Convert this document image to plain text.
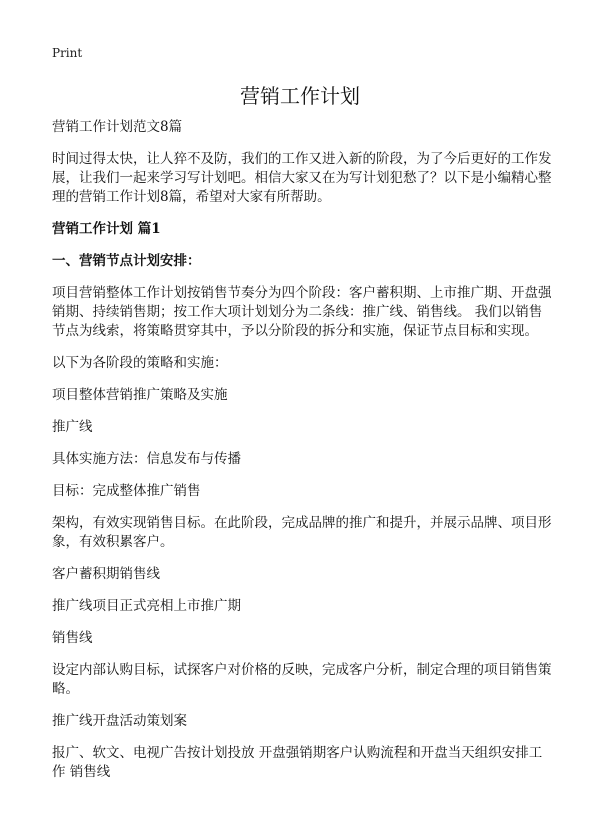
Print
营销工作计划
营销工作计划范文8篇
时间过得太快，让人猝不及防，我们的工作又进入新的阶段，为了今后更好的工作发展，让我们一起来学习写计划吧。相信大家又在为写计划犯愁了？以下是小编精心整理的营销工作计划8篇，希望对大家有所帮助。
营销工作计划 篇1
一、营销节点计划安排：
项目营销整体工作计划按销售节奏分为四个阶段：客户蓄积期、上市推广期、开盘强销期、持续销售期；按工作大项计划划分为二条线：推广线、销售线。 我们以销售节点为线索，将策略贯穿其中，予以分阶段的拆分和实施，保证节点目标和实现。
以下为各阶段的策略和实施：
项目整体营销推广策略及实施
推广线
具体实施方法：信息发布与传播
目标：完成整体推广销售
架构，有效实现销售目标。在此阶段，完成品牌的推广和提升，并展示品牌、项目形象，有效积累客户。
客户蓄积期销售线
推广线项目正式亮相上市推广期
销售线
设定内部认购目标，试探客户对价格的反映，完成客户分析，制定合理的项目销售策略。
推广线开盘活动策划案
报广、软文、电视广告按计划投放 开盘强销期客户认购流程和开盘当天组织安排工作 销售线
